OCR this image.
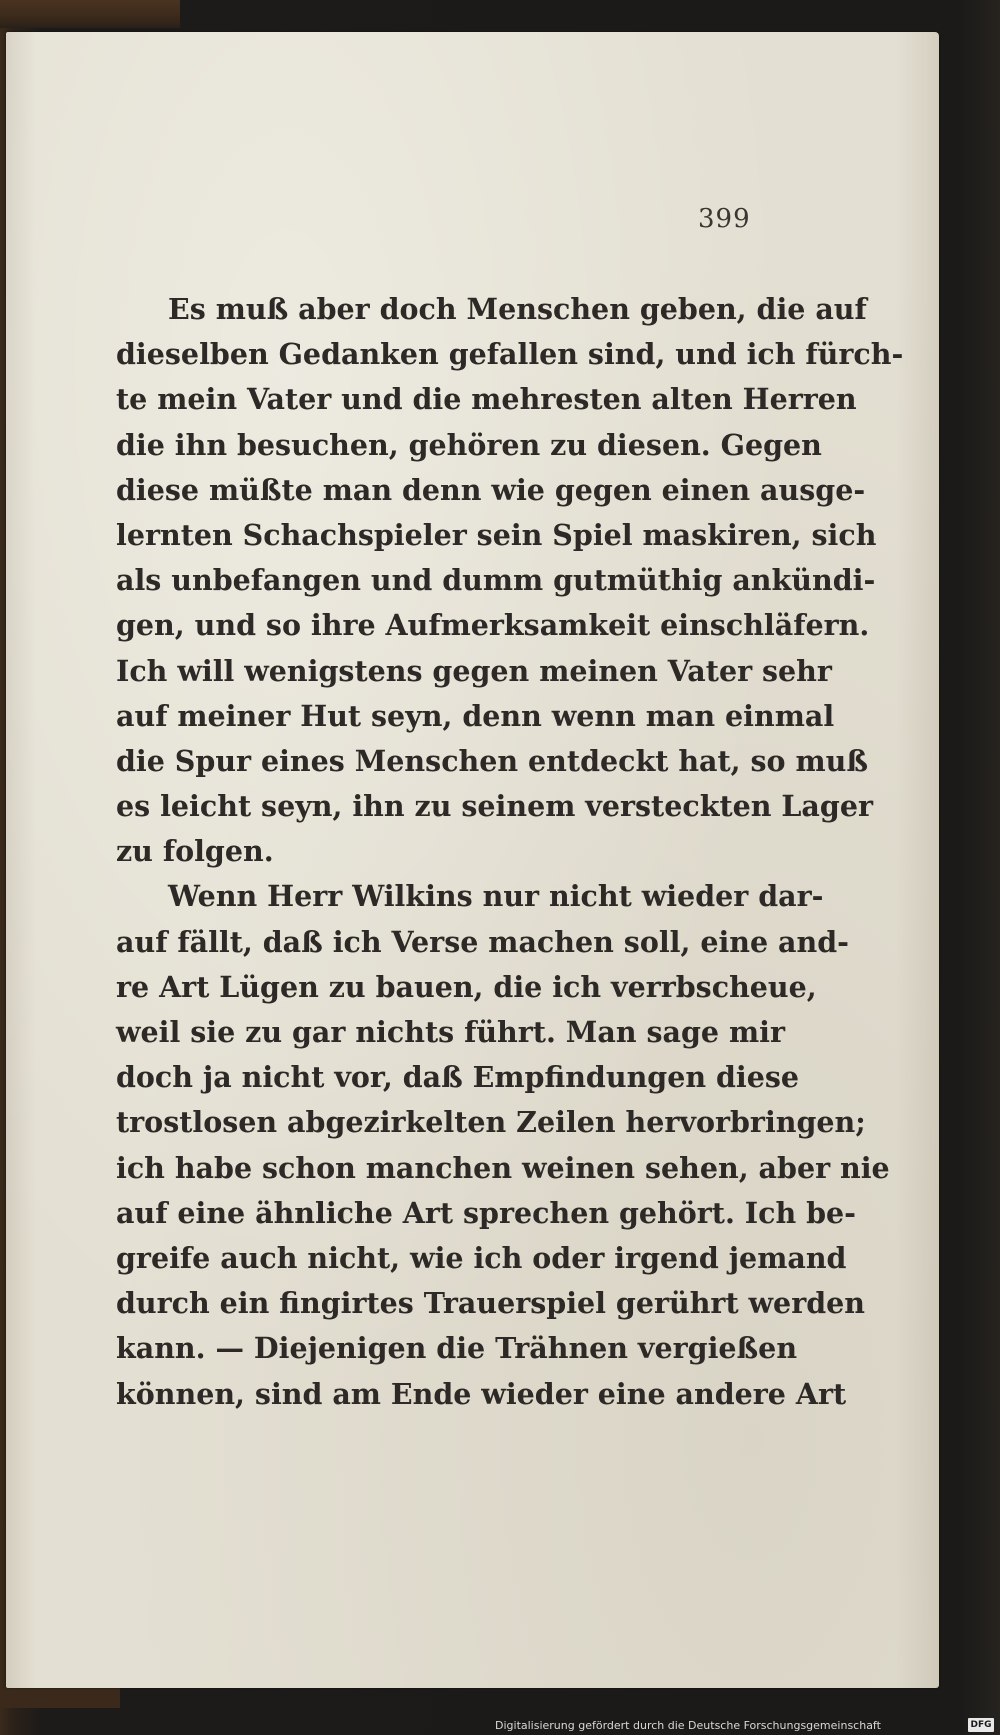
399
Es muß aber doch Menschen geben, die auf
dieselben Gedanken gefallen sind, und ich fürch-
te mein Vater und die mehresten alten Herren
die ihn besuchen, gehören zu diesen. Gegen
diese müßte man denn wie gegen einen ausge-
lernten Schachspieler sein Spiel maskiren, sich
als unbefangen und dumm gutmüthig ankündi-
gen, und so ihre Aufmerksamkeit einschläfern.
Ich will wenigstens gegen meinen Vater sehr
auf meiner Hut seyn, denn wenn man einmal
die Spur eines Menschen entdeckt hat, so muß
es leicht seyn, ihn zu seinem versteckten Lager
zu folgen.
Wenn Herr Wilkins nur nicht wieder dar-
auf fällt, daß ich Verse machen soll, eine and-
re Art Lügen zu bauen, die ich verrbscheue,
weil sie zu gar nichts führt. Man sage mir
doch ja nicht vor, daß Empfindungen diese
trostlosen abgezirkelten Zeilen hervorbringen;
ich habe schon manchen weinen sehen, aber nie
auf eine ähnliche Art sprechen gehört. Ich be-
greife auch nicht, wie ich oder irgend jemand
durch ein fingirtes Trauerspiel gerührt werden
kann. — Diejenigen die Trähnen vergießen
können, sind am Ende wieder eine andere Art
Digitalisierung gefördert durch die Deutsche Forschungsgemeinschaft	DFG
